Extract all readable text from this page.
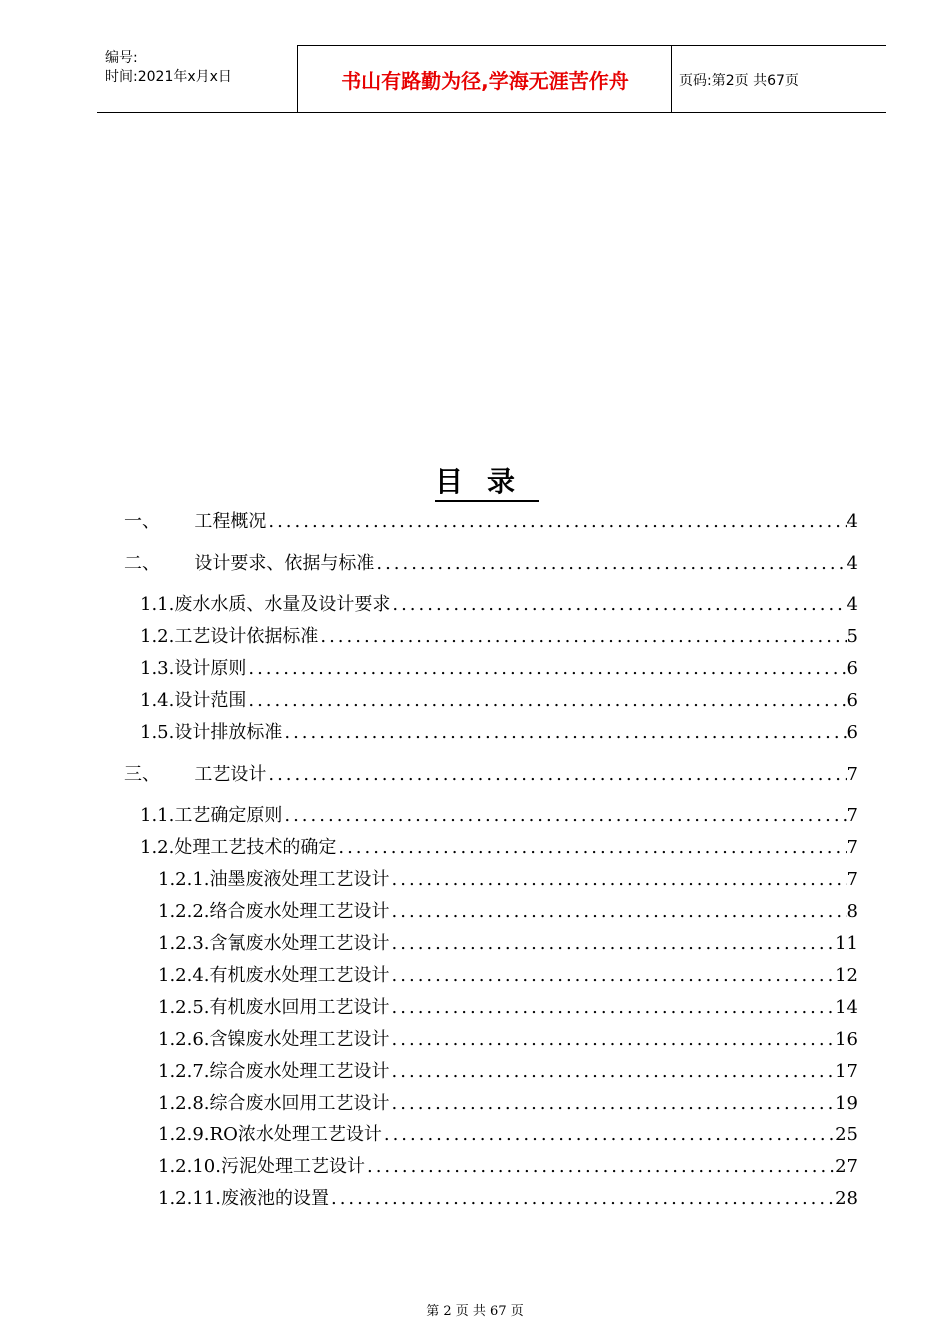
编号:
时间:2021年x月x日	书山有路勤为径,学海无涯苦作舟	页码:第2页 共67页
目录
一、 工程概况 .....	4
二、 设计要求、依据与标准 .....	4
1.1. 废水水质、水量及设计要求 .....	4
1.2. 工艺设计依据标准 .....	5
1.3. 设计原则 .....	6
1.4. 设计范围 .....	6
1.5. 设计排放标准 .....	6
三、 工艺设计 .....	7
1.1. 工艺确定原则 .....	7
1.2. 处理工艺技术的确定 .....	7
1.2.1. 油墨废液处理工艺设计 .....	7
1.2.2. 络合废水处理工艺设计 .....	8
1.2.3. 含氰废水处理工艺设计 .....	11
1.2.4. 有机废水处理工艺设计 .....	12
1.2.5. 有机废水回用工艺设计 .....	14
1.2.6. 含镍废水处理工艺设计 .....	16
1.2.7. 综合废水处理工艺设计 .....	17
1.2.8. 综合废水回用工艺设计 .....	19
1.2.9. RO浓水处理工艺设计 .....	25
1.2.10. 污泥处理工艺设计 .....	27
1.2.11. 废液池的设置 .....	28
第 2 页 共 67 页
